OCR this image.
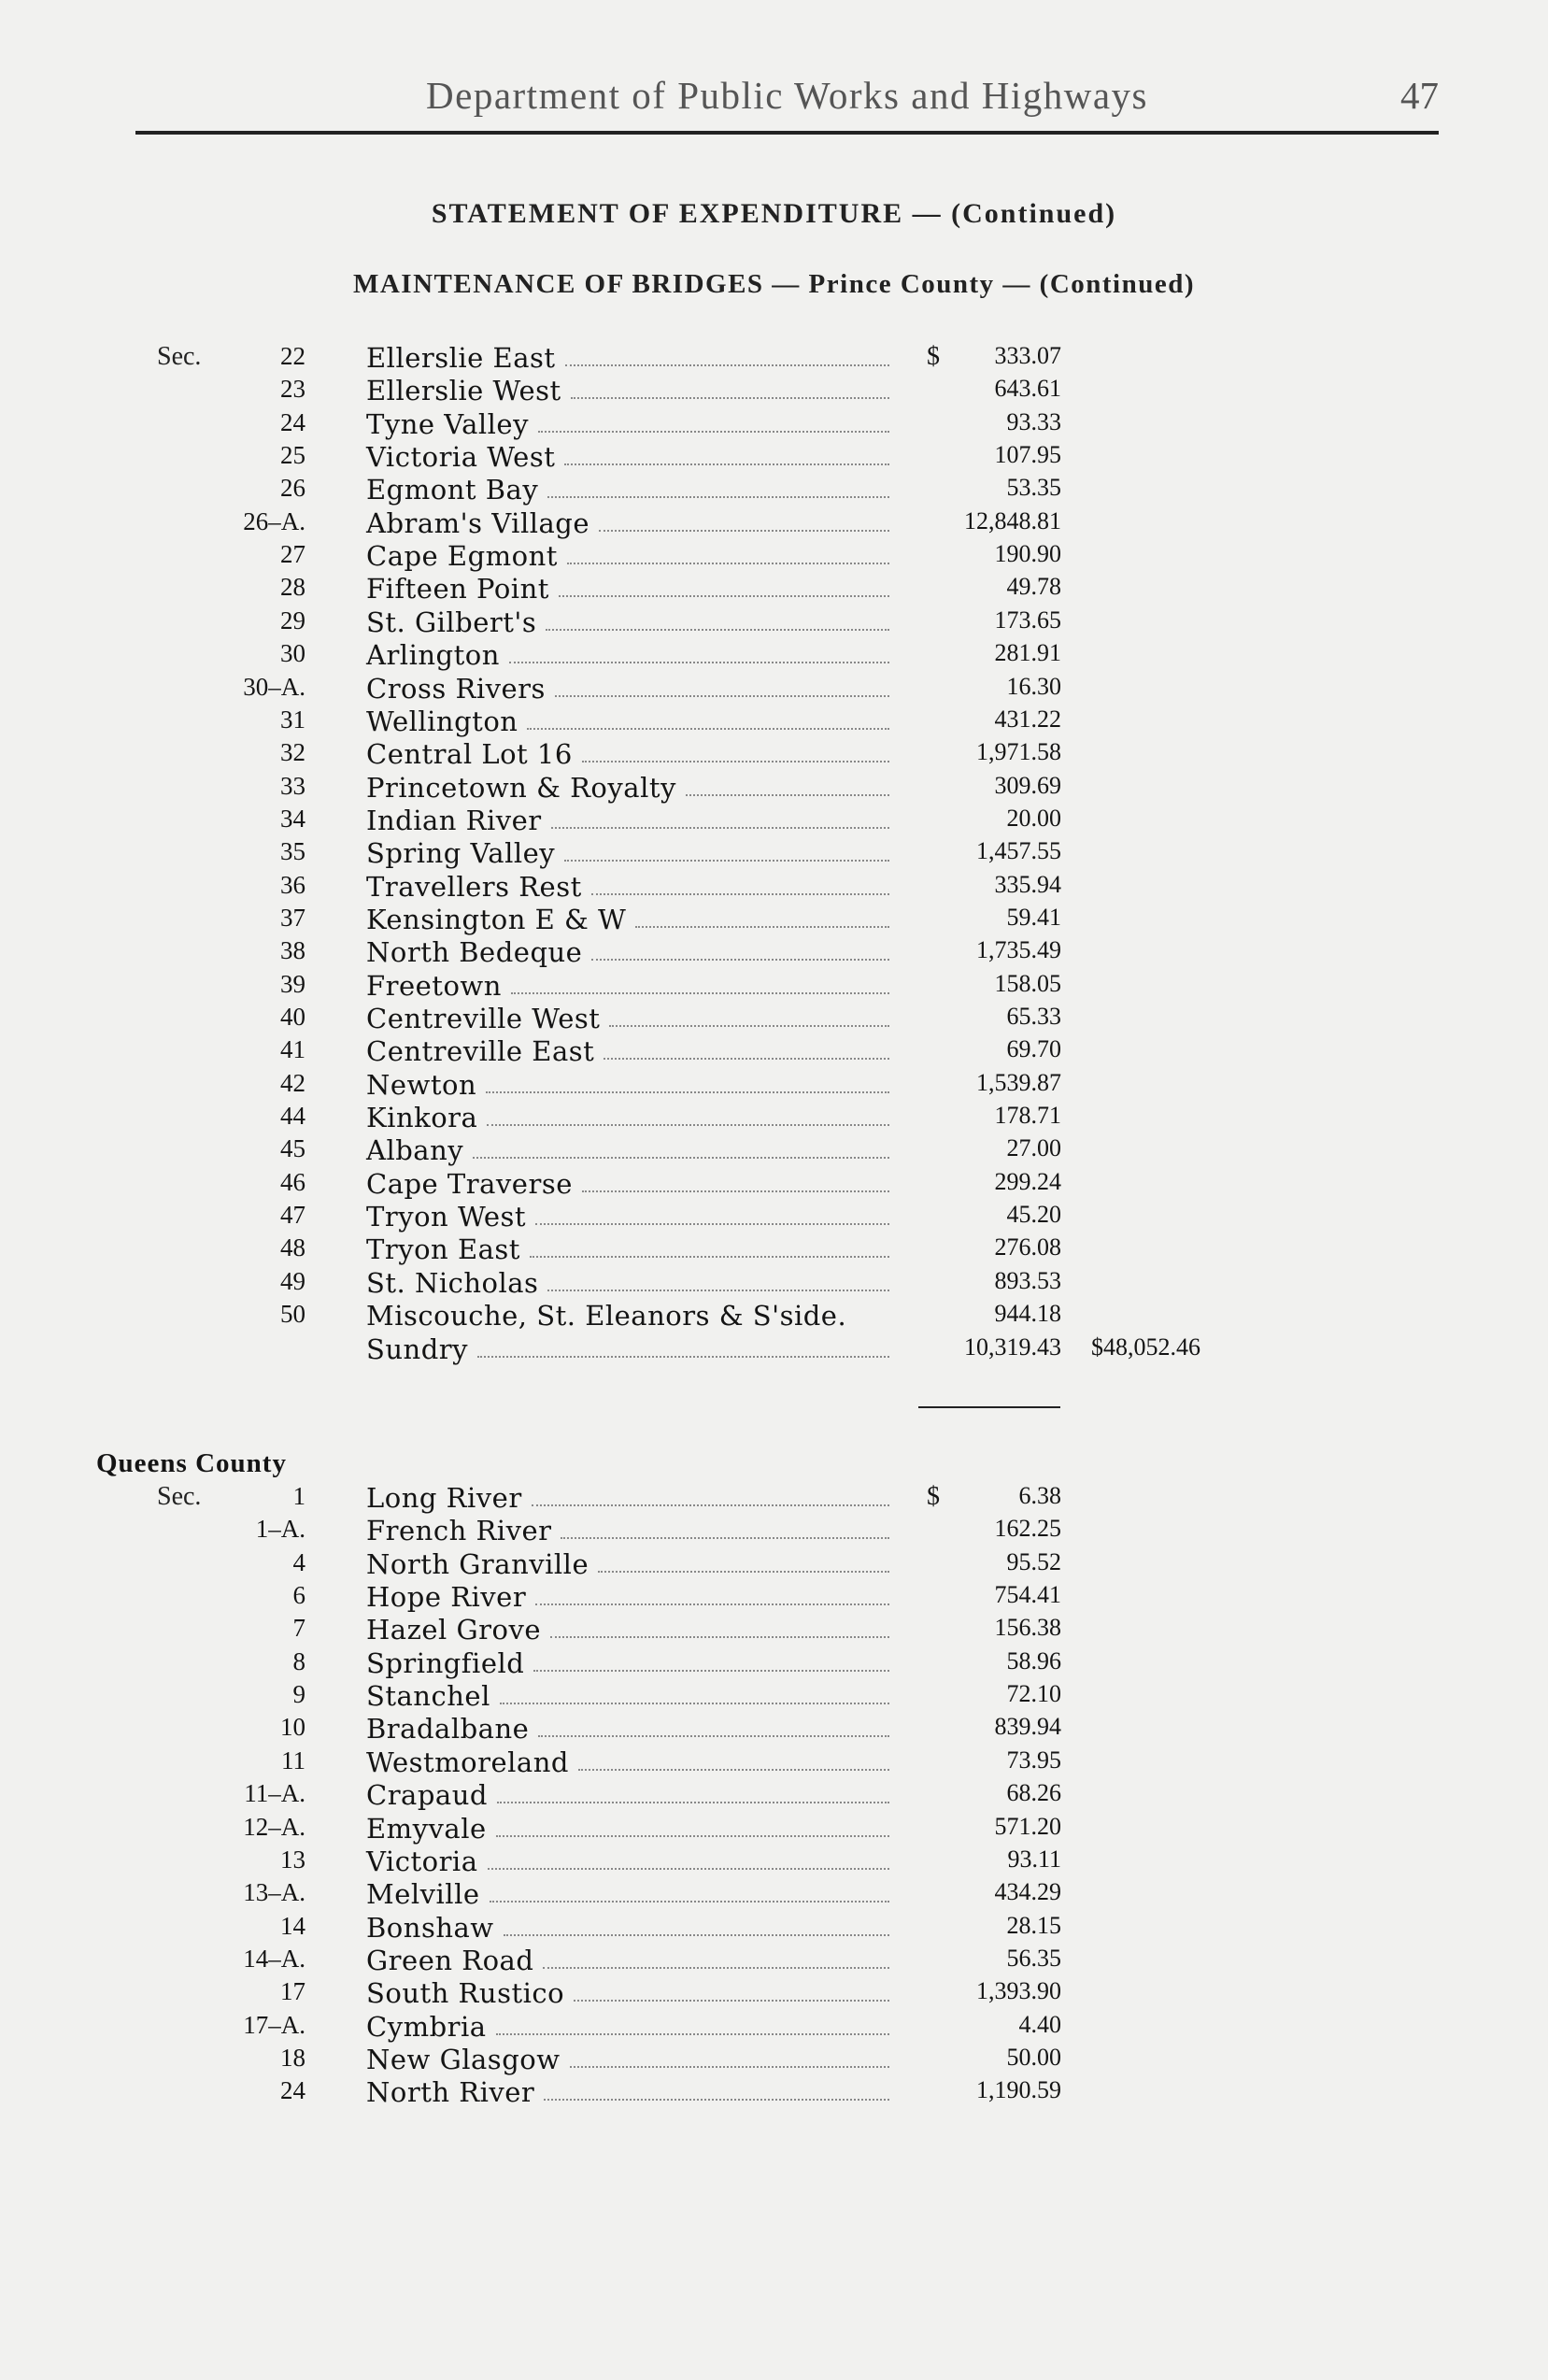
Department of Public Works and Highways	47
STATEMENT OF EXPENDITURE — (Continued)
MAINTENANCE OF BRIDGES — Prince County — (Continued)
Sec.	22 Ellerslie East	$ 333.07
23 Ellerslie West	643.61
24 Tyne Valley	93.33
25 Victoria West	107.95
26 Egmont Bay	53.35
26–A. Abram's Village	12,848.81
27 Cape Egmont	190.90
28 Fifteen Point	49.78
29 St. Gilbert's	173.65
30 Arlington	281.91
30–A. Cross Rivers	16.30
31 Wellington	431.22
32 Central Lot 16	1,971.58
33 Princetown & Royalty	309.69
34 Indian River	20.00
35 Spring Valley	1,457.55
36 Travellers Rest	335.94
37 Kensington E & W	59.41
38 North Bedeque	1,735.49
39 Freetown	158.05
40 Centreville West	65.33
41 Centreville East	69.70
42 Newton	1,539.87
44 Kinkora	178.71
45 Albany	27.00
46 Cape Traverse	299.24
47 Tryon West	45.20
48 Tryon East	276.08
49 St. Nicholas	893.53
50 Miscouche, St. Eleanors & S'side.	944.18
Sundry	10,319.43 $48,052.46
Queens County
Sec.	1 Long River	$	6.38
1–A. French River	162.25
4 North Granville	95.52
6 Hope River	754.41
7 Hazel Grove	156.38
8 Springfield	58.96
9 Stanchel	72.10
10 Bradalbane	839.94
11 Westmoreland	73.95
11–A. Crapaud	68.26
12–A. Emyvale	571.20
13 Victoria	93.11
13–A. Melville	434.29
14 Bonshaw	28.15
14–A. Green Road	56.35
17 South Rustico	1,393.90
17–A. Cymbria	4.40
18 New Glasgow	50.00
24 North River	1,190.59
